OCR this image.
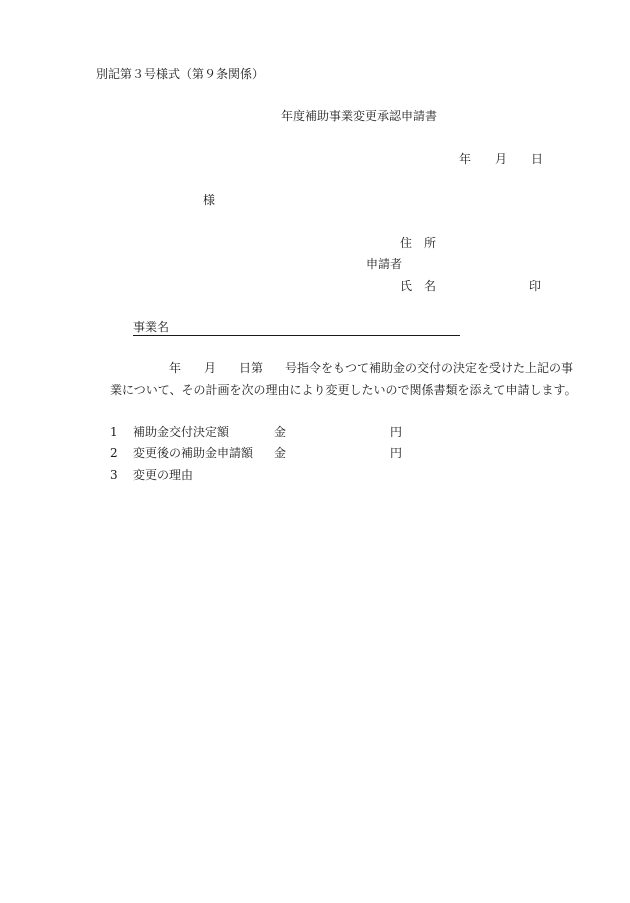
別記第３号様式（第９条関係）
年度補助事業変更承認申請書
年 月 日
様
住　所
申請者
氏　名	印
事業名
年 月 日第 号指令をもつて補助金の交付の決定を受けた上記の事
業について、その計画を次の理由により変更したいので関係書類を添えて申請します。
1 補助金交付決定額	金	円
2 変更後の補助金申請額 金	円
3 変更の理由
